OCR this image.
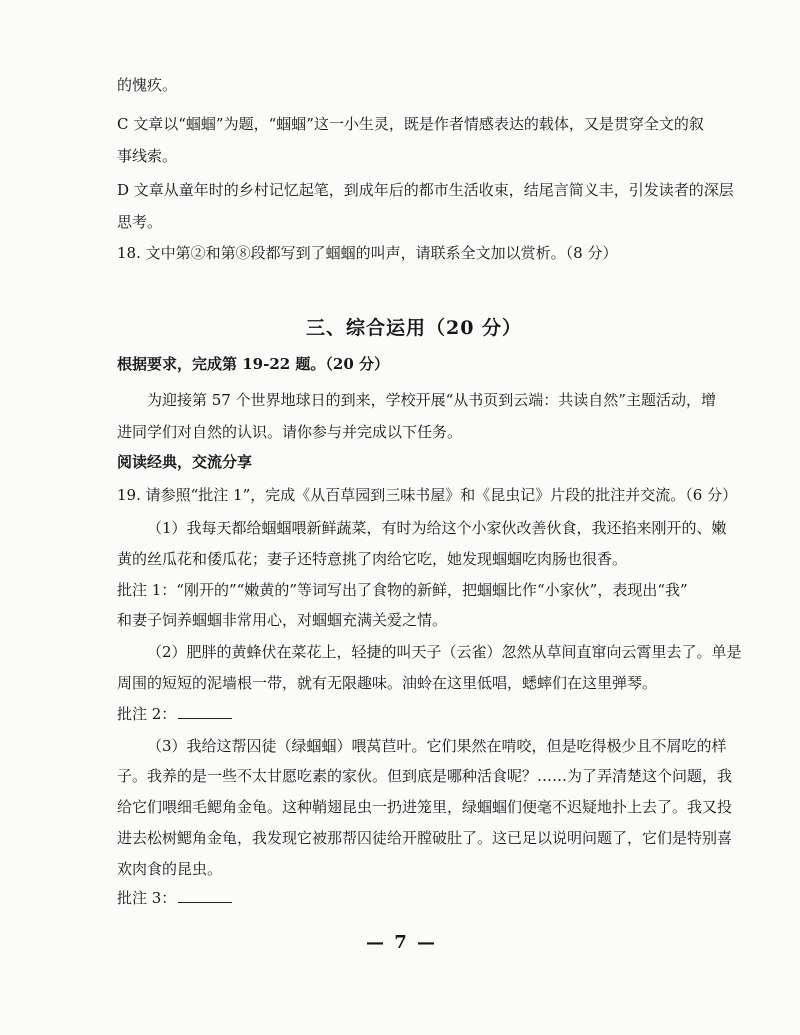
的愧疚。
C 文章以“蝈蝈”为题，“蝈蝈”这一小生灵，既是作者情感表达的载体，又是贯穿全文的叙
事线索。
D 文章从童年时的乡村记忆起笔，到成年后的都市生活收束，结尾言简义丰，引发读者的深层
思考。
18. 文中第②和第⑧段都写到了蝈蝈的叫声，请联系全文加以赏析。（8 分）
三、综合运用（20 分）
根据要求，完成第 19-22 题。（20 分）
为迎接第 57 个世界地球日的到来，学校开展“从书页到云端：共读自然”主题活动，增
进同学们对自然的认识。请你参与并完成以下任务。
阅读经典，交流分享
19. 请参照“批注 1”，完成《从百草园到三味书屋》和《昆虫记》片段的批注并交流。（6 分）
（1）我每天都给蝈蝈喂新鲜蔬菜，有时为给这个小家伙改善伙食，我还掐来刚开的、嫩
黄的丝瓜花和倭瓜花；妻子还特意挑了肉给它吃，她发现蝈蝈吃肉肠也很香。
批注 1：“刚开的”“嫩黄的”等词写出了食物的新鲜，把蝈蝈比作“小家伙”，表现出“我”
和妻子饲养蝈蝈非常用心，对蝈蝈充满关爱之情。
（2）肥胖的黄蜂伏在菜花上，轻捷的叫天子（云雀）忽然从草间直窜向云霄里去了。单是
周围的短短的泥墙根一带，就有无限趣味。油蛉在这里低唱，蟋蟀们在这里弹琴。
批注 2：
（3）我给这帮囚徒（绿蝈蝈）喂莴苣叶。它们果然在啃咬，但是吃得极少且不屑吃的样
子。我养的是一些不太甘愿吃素的家伙。但到底是哪种活食呢？……为了弄清楚这个问题，我
给它们喂细毛鳃角金龟。这种鞘翅昆虫一扔进笼里，绿蝈蝈们便毫不迟疑地扑上去了。我又投
进去松树鳃角金龟，我发现它被那帮囚徒给开膛破肚了。这已足以说明问题了，它们是特别喜
欢肉食的昆虫。
批注 3：
— 7 —
